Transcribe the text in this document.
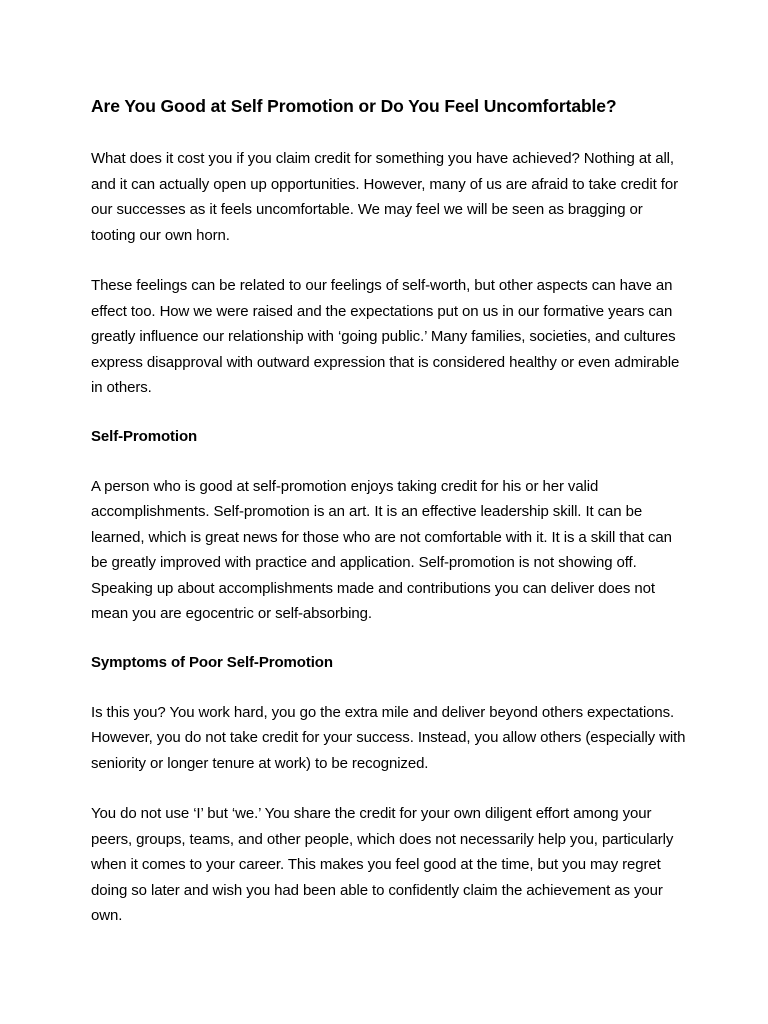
Are You Good at Self Promotion or Do You Feel Uncomfortable?

What does it cost you if you claim credit for something you have achieved? Nothing at all, and it can actually open up opportunities. However, many of us are afraid to take credit for our successes as it feels uncomfortable. We may feel we will be seen as bragging or tooting our own horn.

These feelings can be related to our feelings of self-worth, but other aspects can have an effect too. How we were raised and the expectations put on us in our formative years can greatly influence our relationship with ‘going public.’ Many families, societies, and cultures express disapproval with outward expression that is considered healthy or even admirable in others.

Self-Promotion

A person who is good at self-promotion enjoys taking credit for his or her valid accomplishments. Self-promotion is an art. It is an effective leadership skill. It can be learned, which is great news for those who are not comfortable with it. It is a skill that can be greatly improved with practice and application. Self-promotion is not showing off. Speaking up about accomplishments made and contributions you can deliver does not mean you are egocentric or self-absorbing.

Symptoms of Poor Self-Promotion

Is this you? You work hard, you go the extra mile and deliver beyond others expectations. However, you do not take credit for your success. Instead, you allow others (especially with seniority or longer tenure at work) to be recognized.

You do not use ‘I’ but ‘we.’ You share the credit for your own diligent effort among your peers, groups, teams, and other people, which does not necessarily help you, particularly when it comes to your career. This makes you feel good at the time, but you may regret doing so later and wish you had been able to confidently claim the achievement as your own.
